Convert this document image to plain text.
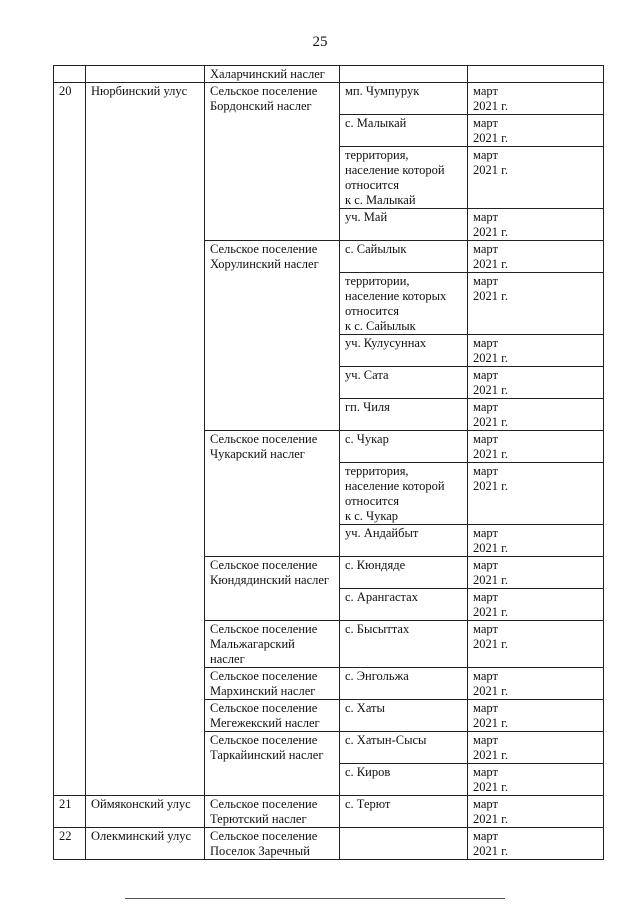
25
		Халарчинский наслег		
20	Нюрбинский улус	Сельское поселение
Бордонский наслег	мп. Чумпурук	март
2021 г.
			с. Малыкай	март
2021 г.
			территория,
население которой
относится
к с. Малыкай	март
2021 г.
			уч. Май	март
2021 г.
		Сельское поселение
Хорулинский наслег	с. Сайылык	март
2021 г.
			территории,
население которых
относится
к с. Сайылык	март
2021 г.
			уч. Кулусуннах	март
2021 г.
			уч. Сата	март
2021 г.
			гп. Чиля	март
2021 г.
		Сельское поселение
Чукарский наслег	с. Чукар	март
2021 г.
			территория,
население которой
относится
к с. Чукар	март
2021 г.
			уч. Андайбыт	март
2021 г.
		Сельское поселение
Кюндядинский наслег	с. Кюндяде	март
2021 г.
			с. Арангастах	март
2021 г.
		Сельское поселение
Мальжагарский
наслег	с. Бысыттах	март
2021 г.
		Сельское поселение
Мархинский наслег	с. Энгольжа	март
2021 г.
		Сельское поселение
Мегежекский наслег	с. Хаты	март
2021 г.
		Сельское поселение
Таркайинский наслег	с. Хатын-Сысы	март
2021 г.
			с. Киров	март
2021 г.
21	Оймяконский улус	Сельское поселение
Терютский наслег	с. Терют	март
2021 г.
22	Олекминский улус	Сельское поселение
Поселок Заречный		март
2021 г.
